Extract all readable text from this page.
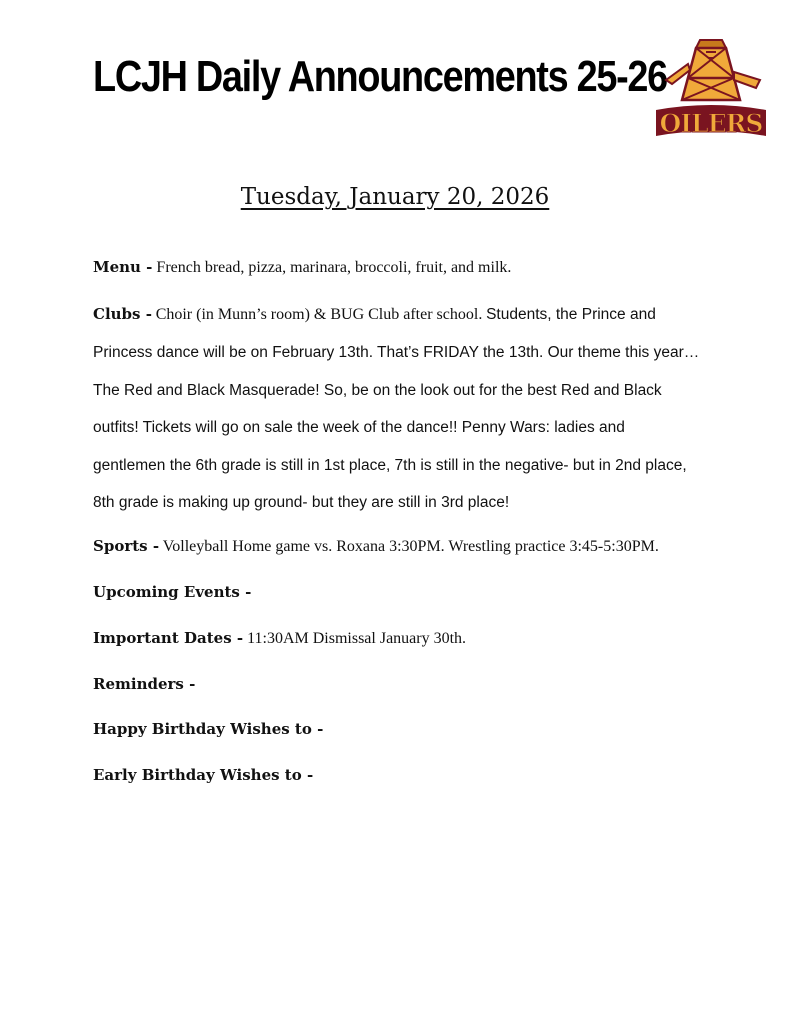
LCJH Daily Announcements 25-26
OILERS

Tuesday, January 20, 2026

Menu - French bread, pizza, marinara, broccoli, fruit, and milk.

Clubs - Choir (in Munn’s room) & BUG Club after school. Students, the Prince and
Princess dance will be on February 13th. That’s FRIDAY the 13th. Our theme this year…
The Red and Black Masquerade! So, be on the look out for the best Red and Black
outfits! Tickets will go on sale the week of the dance!! Penny Wars: ladies and
gentlemen the 6th grade is still in 1st place, 7th is still in the negative- but in 2nd place,
8th grade is making up ground- but they are still in 3rd place!

Sports - Volleyball Home game vs. Roxana 3:30PM. Wrestling practice 3:45-5:30PM.

Upcoming Events -

Important Dates - 11:30AM Dismissal January 30th.

Reminders -

Happy Birthday Wishes to -

Early Birthday Wishes to -
